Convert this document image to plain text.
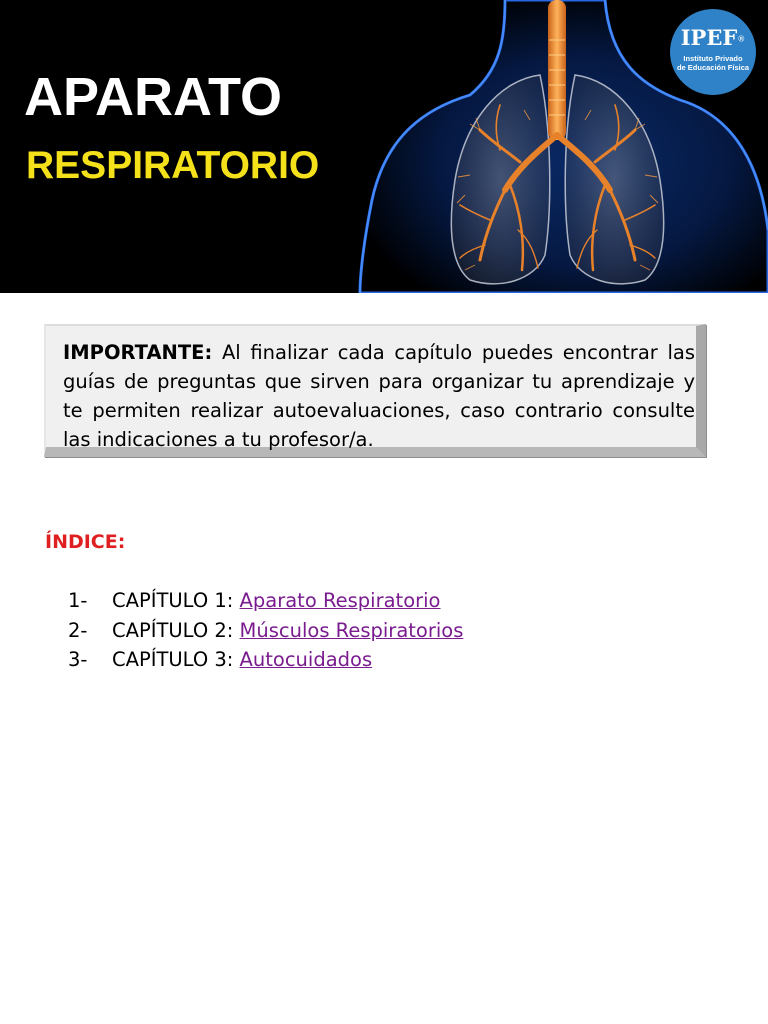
APARATO
RESPIRATORIO
IPEF®
Instituto Privado
de Educación Física
IMPORTANTE: Al finalizar cada capítulo puedes encontrar las guías de preguntas que sirven para organizar tu aprendizaje y te permiten realizar autoevaluaciones, caso contrario consulte las indicaciones a tu profesor/a.
ÍNDICE:
1- CAPÍTULO 1: Aparato Respiratorio
2- CAPÍTULO 2: Músculos Respiratorios
3- CAPÍTULO 3: Autocuidados
